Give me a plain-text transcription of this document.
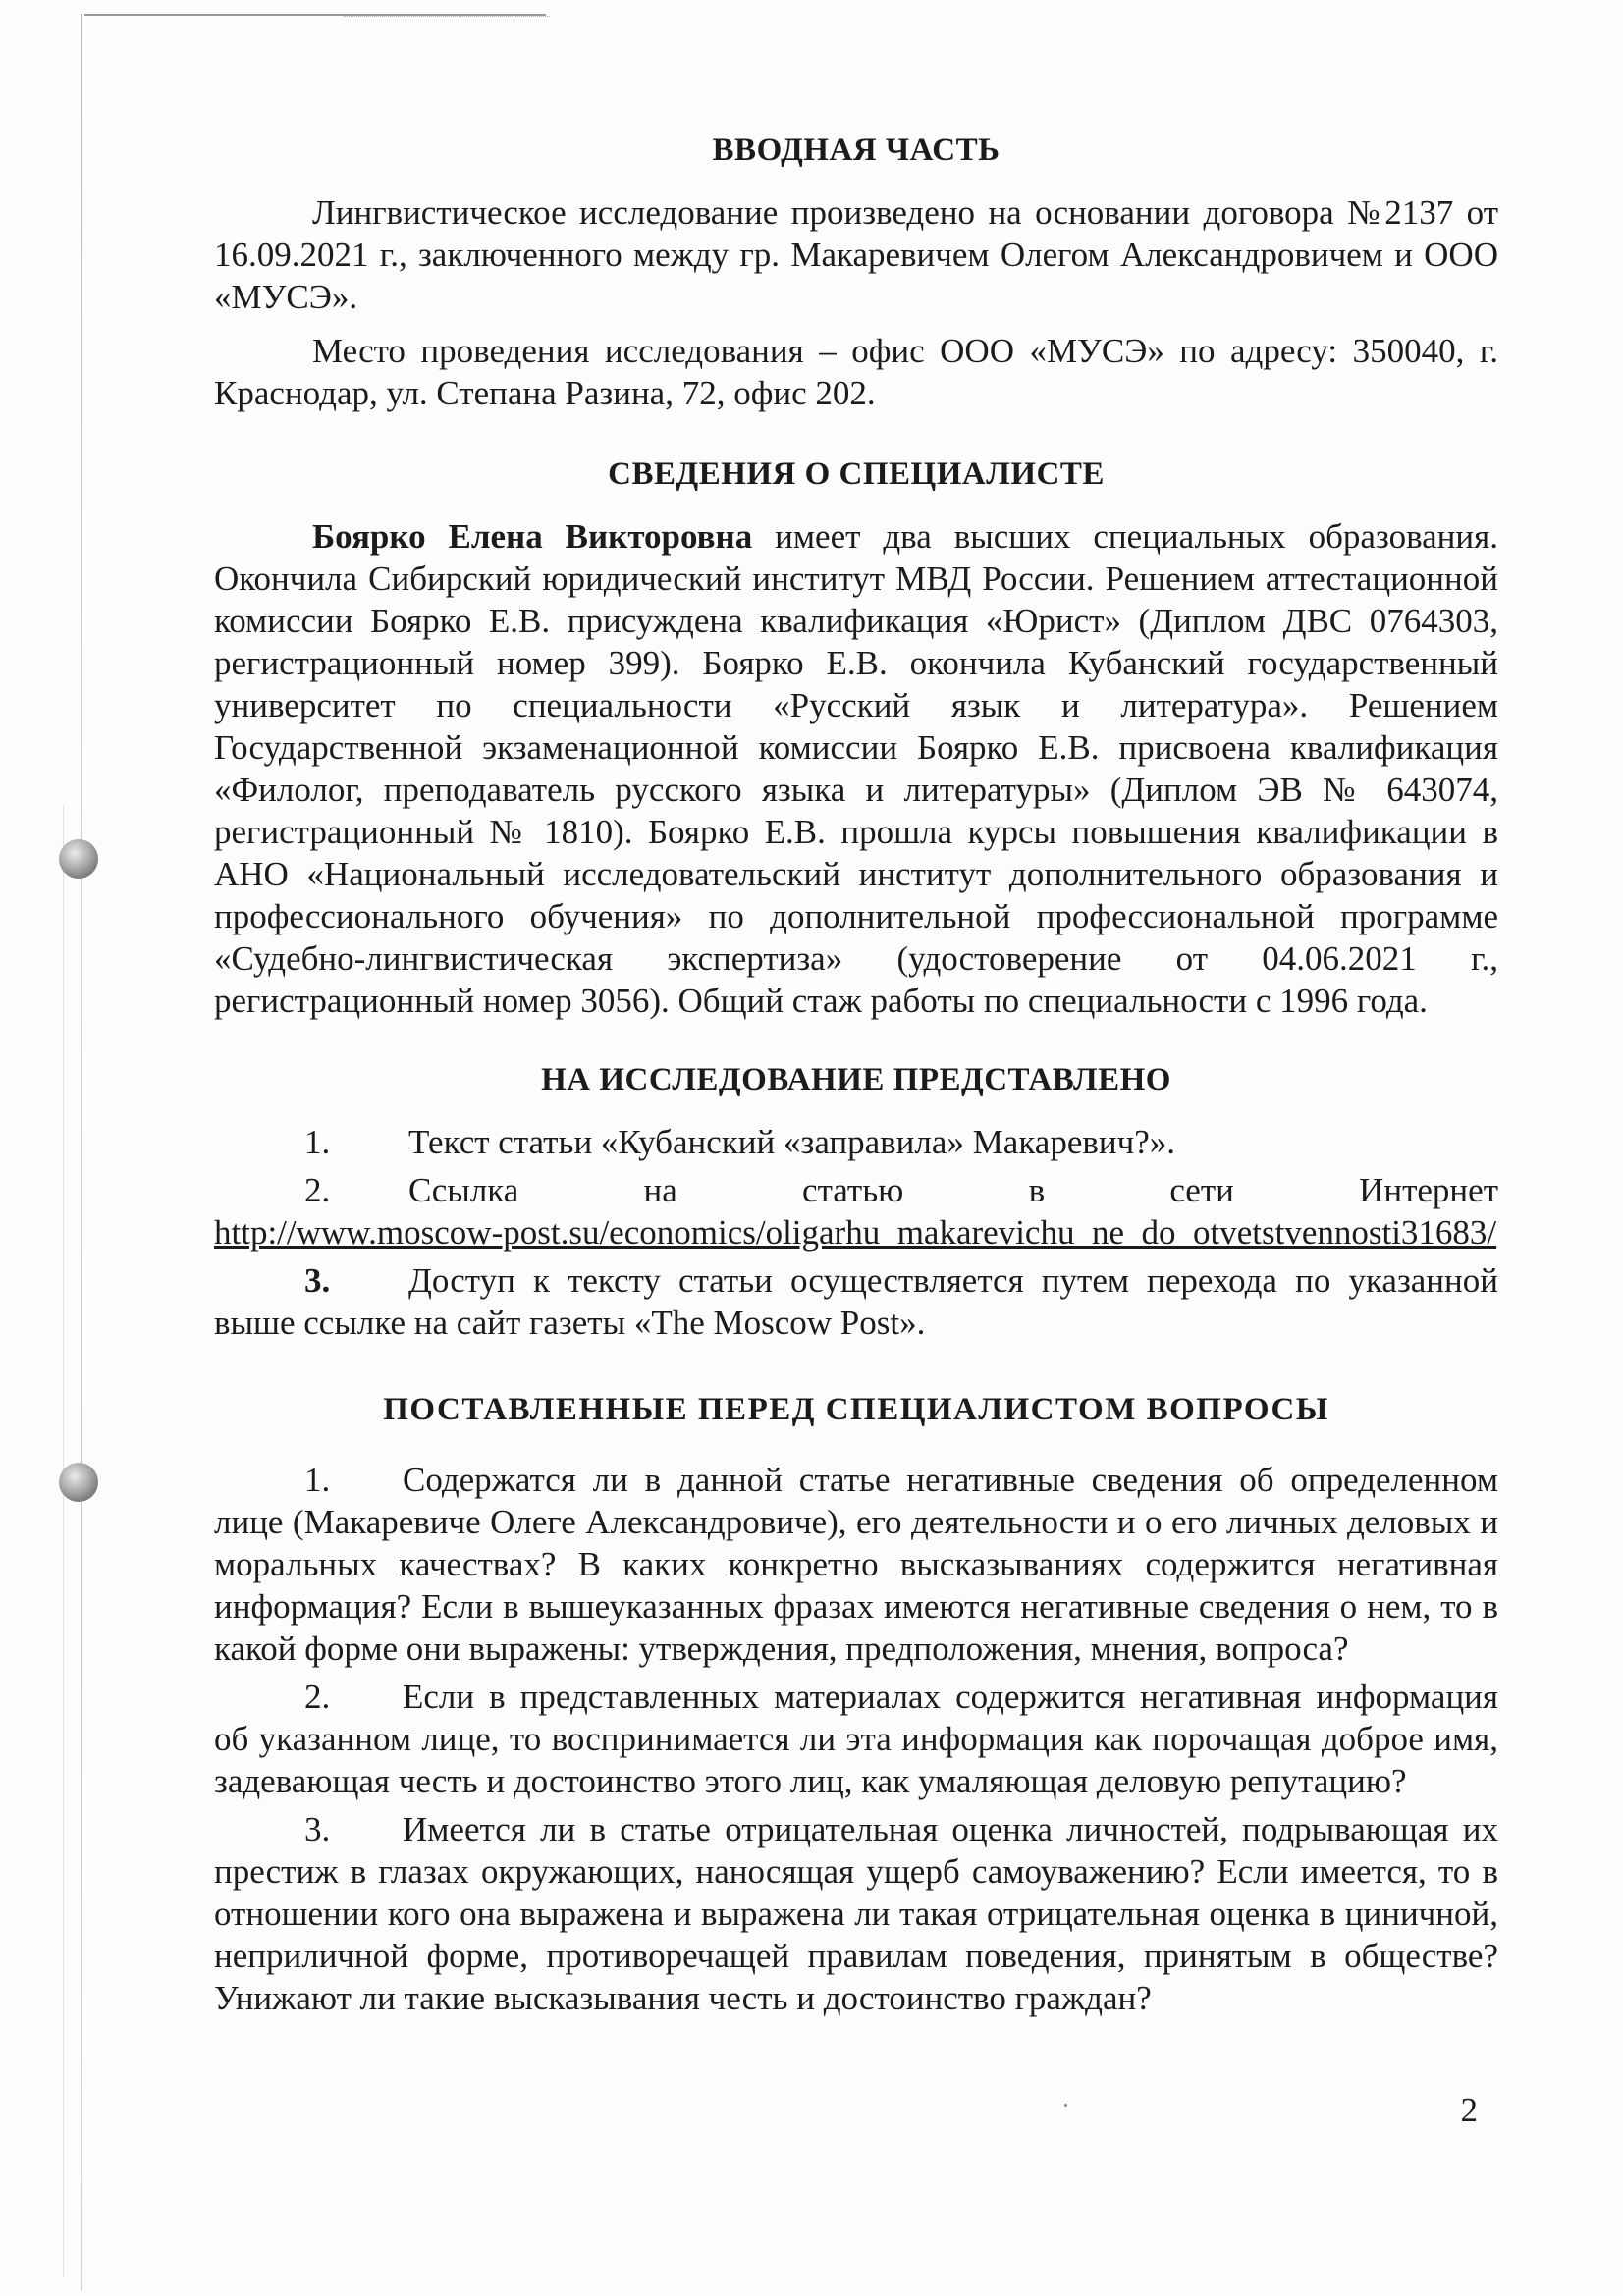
ВВОДНАЯ ЧАСТЬ

Лингвистическое исследование произведено на основании договора №2137 от 16.09.2021 г., заключенного между гр. Макаревичем Олегом Александровичем и ООО «МУСЭ».

Место проведения исследования – офис ООО «МУСЭ» по адресу: 350040, г. Краснодар, ул. Степана Разина, 72, офис 202.

СВЕДЕНИЯ О СПЕЦИАЛИСТЕ

Боярко Елена Викторовна имеет два высших специальных образования. Окончила Сибирский юридический институт МВД России. Решением аттестационной комиссии Боярко Е.В. присуждена квалификация «Юрист» (Диплом ДВС 0764303, регистрационный номер 399). Боярко Е.В. окончила Кубанский государственный университет по специальности «Русский язык и литература». Решением Государственной экзаменационной комиссии Боярко Е.В. присвоена квалификация «Филолог, преподаватель русского языка и литературы» (Диплом ЭВ № 643074, регистрационный № 1810). Боярко Е.В. прошла курсы повышения квалификации в АНО «Национальный исследовательский институт дополнительного образования и профессионального обучения» по дополнительной профессиональной программе «Судебно-лингвистическая экспертиза» (удостоверение от 04.06.2021 г., регистрационный номер 3056). Общий стаж работы по специальности с 1996 года.

НА ИССЛЕДОВАНИЕ ПРЕДСТАВЛЕНО
1.	Текст статьи «Кубанский «заправила» Макаревич?».

2. Ссылка на статью в сети Интернет http://www.moscow-post.su/economics/oligarhu_makarevichu_ne_do_otvetstvennosti31683/

3. Доступ к тексту статьи осуществляется путем перехода по указанной выше ссылке на сайт газеты «The Moscow Post».

ПОСТАВЛЕННЫЕ ПЕРЕД СПЕЦИАЛИСТОМ ВОПРОСЫ

1. Содержатся ли в данной статье негативные сведения об определенном лице (Макаревиче Олеге Александровиче), его деятельности и о его личных деловых и моральных качествах? В каких конкретно высказываниях содержится негативная информация? Если в вышеуказанных фразах имеются негативные сведения о нем, то в какой форме они выражены: утверждения, предположения, мнения, вопроса?

2. Если в представленных материалах содержится негативная информация об указанном лице, то воспринимается ли эта информация как порочащая доброе имя, задевающая честь и достоинство этого лиц, как умаляющая деловую репутацию?

3. Имеется ли в статье отрицательная оценка личностей, подрывающая их престиж в глазах окружающих, наносящая ущерб самоуважению? Если имеется, то в отношении кого она выражена и выражена ли такая отрицательная оценка в циничной, неприличной форме, противоречащей правилам поведения, принятым в обществе? Унижают ли такие высказывания честь и достоинство граждан?

2
